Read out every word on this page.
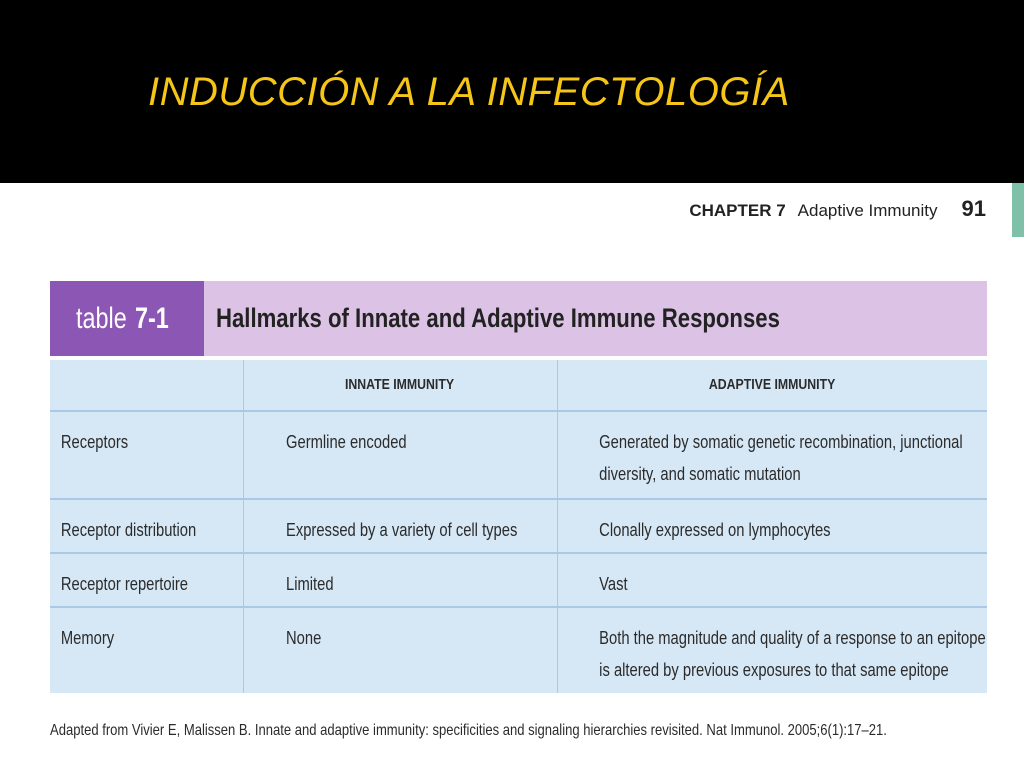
INDUCCIÓN A LA INFECTOLOGÍA
CHAPTER 7 Adaptive Immunity 91
table 7-1 Hallmarks of Innate and Adaptive Immune Responses
	INNATE IMMUNITY	ADAPTIVE IMMUNITY
Receptors	Germline encoded	Generated by somatic genetic recombination, junctional
diversity, and somatic mutation
Receptor distribution	Expressed by a variety of cell types	Clonally expressed on lymphocytes
Receptor repertoire	Limited	Vast
Memory	None	Both the magnitude and quality of a response to an epitope
is altered by previous exposures to that same epitope
Adapted from Vivier E, Malissen B. Innate and adaptive immunity: specificities and signaling hierarchies revisited. Nat Immunol. 2005;6(1):17–21.
